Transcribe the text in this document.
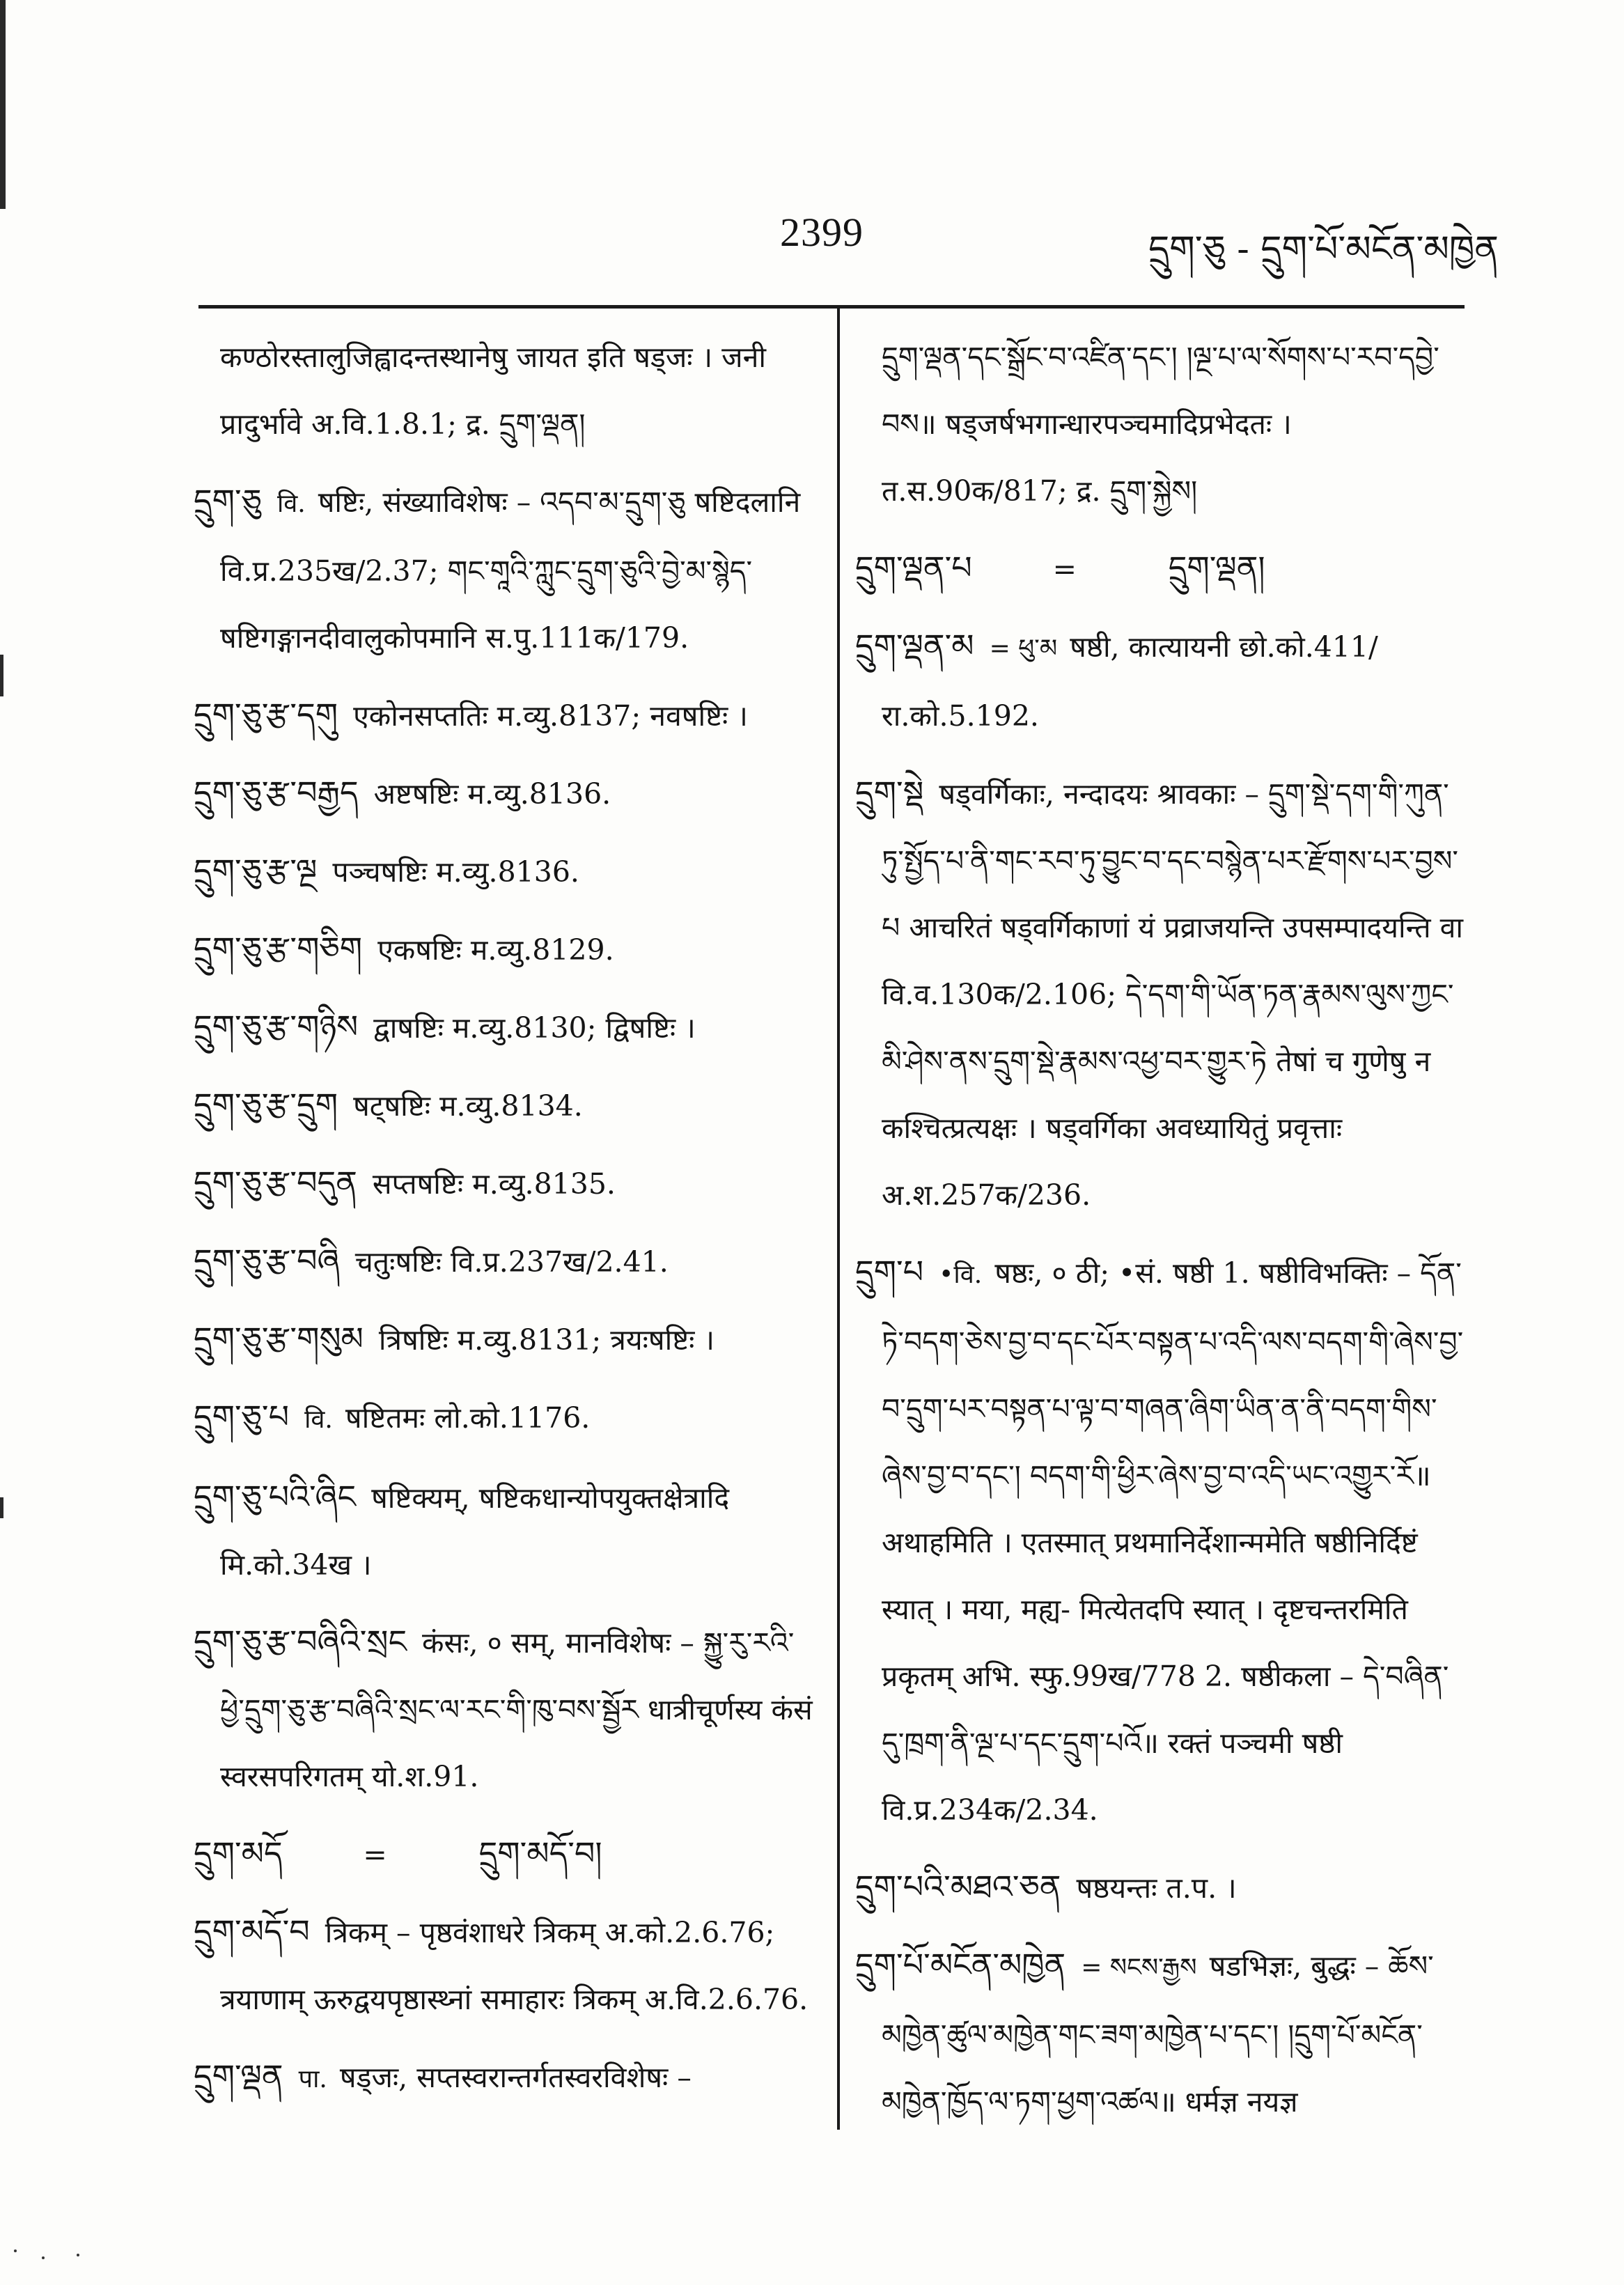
2399	དྲུག་ཅུ - དྲུག་པོ་མངོན་མཁྱེན
कण्ठोरस्तालुजिह्वादन्तस्थानेषु जायत इति षड्जः । जनी प्रादुर्भावे अ.वि.1.8.1; द्र. དྲུག་ལྡན།
དྲུག་ཅུ वि. षष्टिः, संख्याविशेषः – འདབ་མ་དྲུག་ཅུ षष्टिदलानि वि.प्र.235ख/2.37; གང་གཱའི་ཀླུང་དྲུག་ཅུའི་བྱེ་མ་སྙེད་ षष्टिगङ्गानदीवालुकोपमानि स.पु.111क/179.
དྲུག་ཅུ་རྩ་དགུ एकोनसप्ततिः म.व्यु.8137; नवषष्टिः ।
དྲུག་ཅུ་རྩ་བརྒྱད अष्टषष्टिः म.व्यु.8136.
དྲུག་ཅུ་རྩ་ལྔ पञ्चषष्टिः म.व्यु.8136.
དྲུག་ཅུ་རྩ་གཅིག एकषष्टिः म.व्यु.8129.
དྲུག་ཅུ་རྩ་གཉིས द्वाषष्टिः म.व्यु.8130; द्विषष्टिः ।
དྲུག་ཅུ་རྩ་དྲུག षट्षष्टिः म.व्यु.8134.
དྲུག་ཅུ་རྩ་བདུན सप्तषष्टिः म.व्यु.8135.
དྲུག་ཅུ་རྩ་བཞི चतुःषष्टिः वि.प्र.237ख/2.41.
དྲུག་ཅུ་རྩ་གསུམ त्रिषष्टिः म.व्यु.8131; त्रयःषष्टिः ।
དྲུག་ཅུ་པ वि. षष्टितमः लो.को.1176.
དྲུག་ཅུ་པའི་ཞིང षष्टिक्यम्, षष्टिकधान्योपयुक्तक्षेत्रादि मि.को.34ख ।
དྲུག་ཅུ་རྩ་བཞིའི་སྲང कंसः, ० सम्, मानविशेषः – སྐྱུ་རུ་རའི་ཕྱེ་དྲུག་ཅུ་རྩ་བཞིའི་སྲང་ལ་རང་གི་ཁུ་བས་སྦྱོར धात्रीचूर्णस्य कंसं स्वरसपरिगतम् यो.श.91.
དྲུག་མདོ	=	དྲུག་མདོ་བ།
དྲུག་མདོ་བ त्रिकम् – पृष्ठवंशाधरे त्रिकम् अ.को.2.6.76; त्रयाणाम् ऊरुद्वयपृष्ठास्थ्नां समाहारः त्रिकम् अ.वि.2.6.76.
དྲུག་ལྡན पा. षड्जः, सप्तस्वरान्तर्गतस्वरविशेषः –
དྲུག་ལྡན་དང་སྒྲོང་བ་འཛིན་དང་། །ལྔ་པ་ལ་སོགས་པ་རབ་དབྱེ་བས॥ षड्जर्षभगान्धारपञ्चमादिप्रभेदतः । त.स.90क/817; द्र. དྲུག་སྐྱེས།
དྲུག་ལྡན་པ	=	དྲུག་ལྡན།
དྲུག་ལྡན་མ = ཕུ་མ षष्ठी, कात्यायनी छो.को.411/रा.को.5.192.
དྲུག་སྡེ षड्वर्गिकाः, नन्दादयः श्रावकाः – དྲུག་སྡེ་དག་གི་ཀུན་ཏུ་སྤྱོད་པ་ནི་གང་རབ་ཏུ་བྱུང་བ་དང་བསྙེན་པར་རྫོགས་པར་བྱས་པ आचरितं षड्वर्गिकाणां यं प्रव्राजयन्ति उपसम्पादयन्ति वा वि.व.130क/2.106; དེ་དག་གི་ཡོན་ཏན་རྣམས་ལུས་ཀྱང་མི་ཤེས་ནས་དྲུག་སྡེ་རྣམས་འཕྱ་བར་གྱུར་ཏེ तेषां च गुणेषु न कश्चित्प्रत्यक्षः । षड्वर्गिका अवध्यायितुं प्रवृत्ताः अ.श.257क/236.
དྲུག་པ •वि. षष्ठः, ० ठी; •सं. षष्ठी 1. षष्ठीविभक्तिः – དོན་ཏེ་བདག་ཅེས་བྱ་བ་དང་པོར་བསྟན་པ་འདི་ལས་བདག་གི་ཞེས་བྱ་བ་དྲུག་པར་བསྟན་པ་ལྟ་བ་གཞན་ཞིག་ཡིན་ན་ནི་བདག་གིས་ཞེས་བྱ་བ་དང་། བདག་གི་ཕྱིར་ཞེས་བྱ་བ་འདི་ཡང་འགྱུར་རོ॥ अथाहमिति । एतस्मात् प्रथमानिर्देशान्ममेति षष्ठीनिर्दिष्टं स्यात् । मया, मह्य- मित्येतदपि स्यात् । दृष्टचन्तरमिति प्रकृतम् अभि. स्फु.99ख/778 2. षष्ठीकला – དེ་བཞིན་དུ་ཁྲག་ནི་ལྔ་པ་དང་དྲུག་པའོ॥ रक्तं पञ्चमी षष्ठी वि.प्र.234क/2.34.
དྲུག་པའི་མཐའ་ཅན षष्ठयन्तः त.प. ।
དྲུག་པོ་མངོན་མཁྱེན = སངས་རྒྱས षडभिज्ञः, बुद्धः – ཆོས་མཁྱེན་ཚུལ་མཁྱེན་གང་ཟག་མཁྱེན་པ་དང་། །དྲུག་པོ་མངོན་མཁྱེན་ཁྱོད་ལ་ཏག་ཕྱག་འཚལ॥ धर्मज्ञ नयज्ञ
